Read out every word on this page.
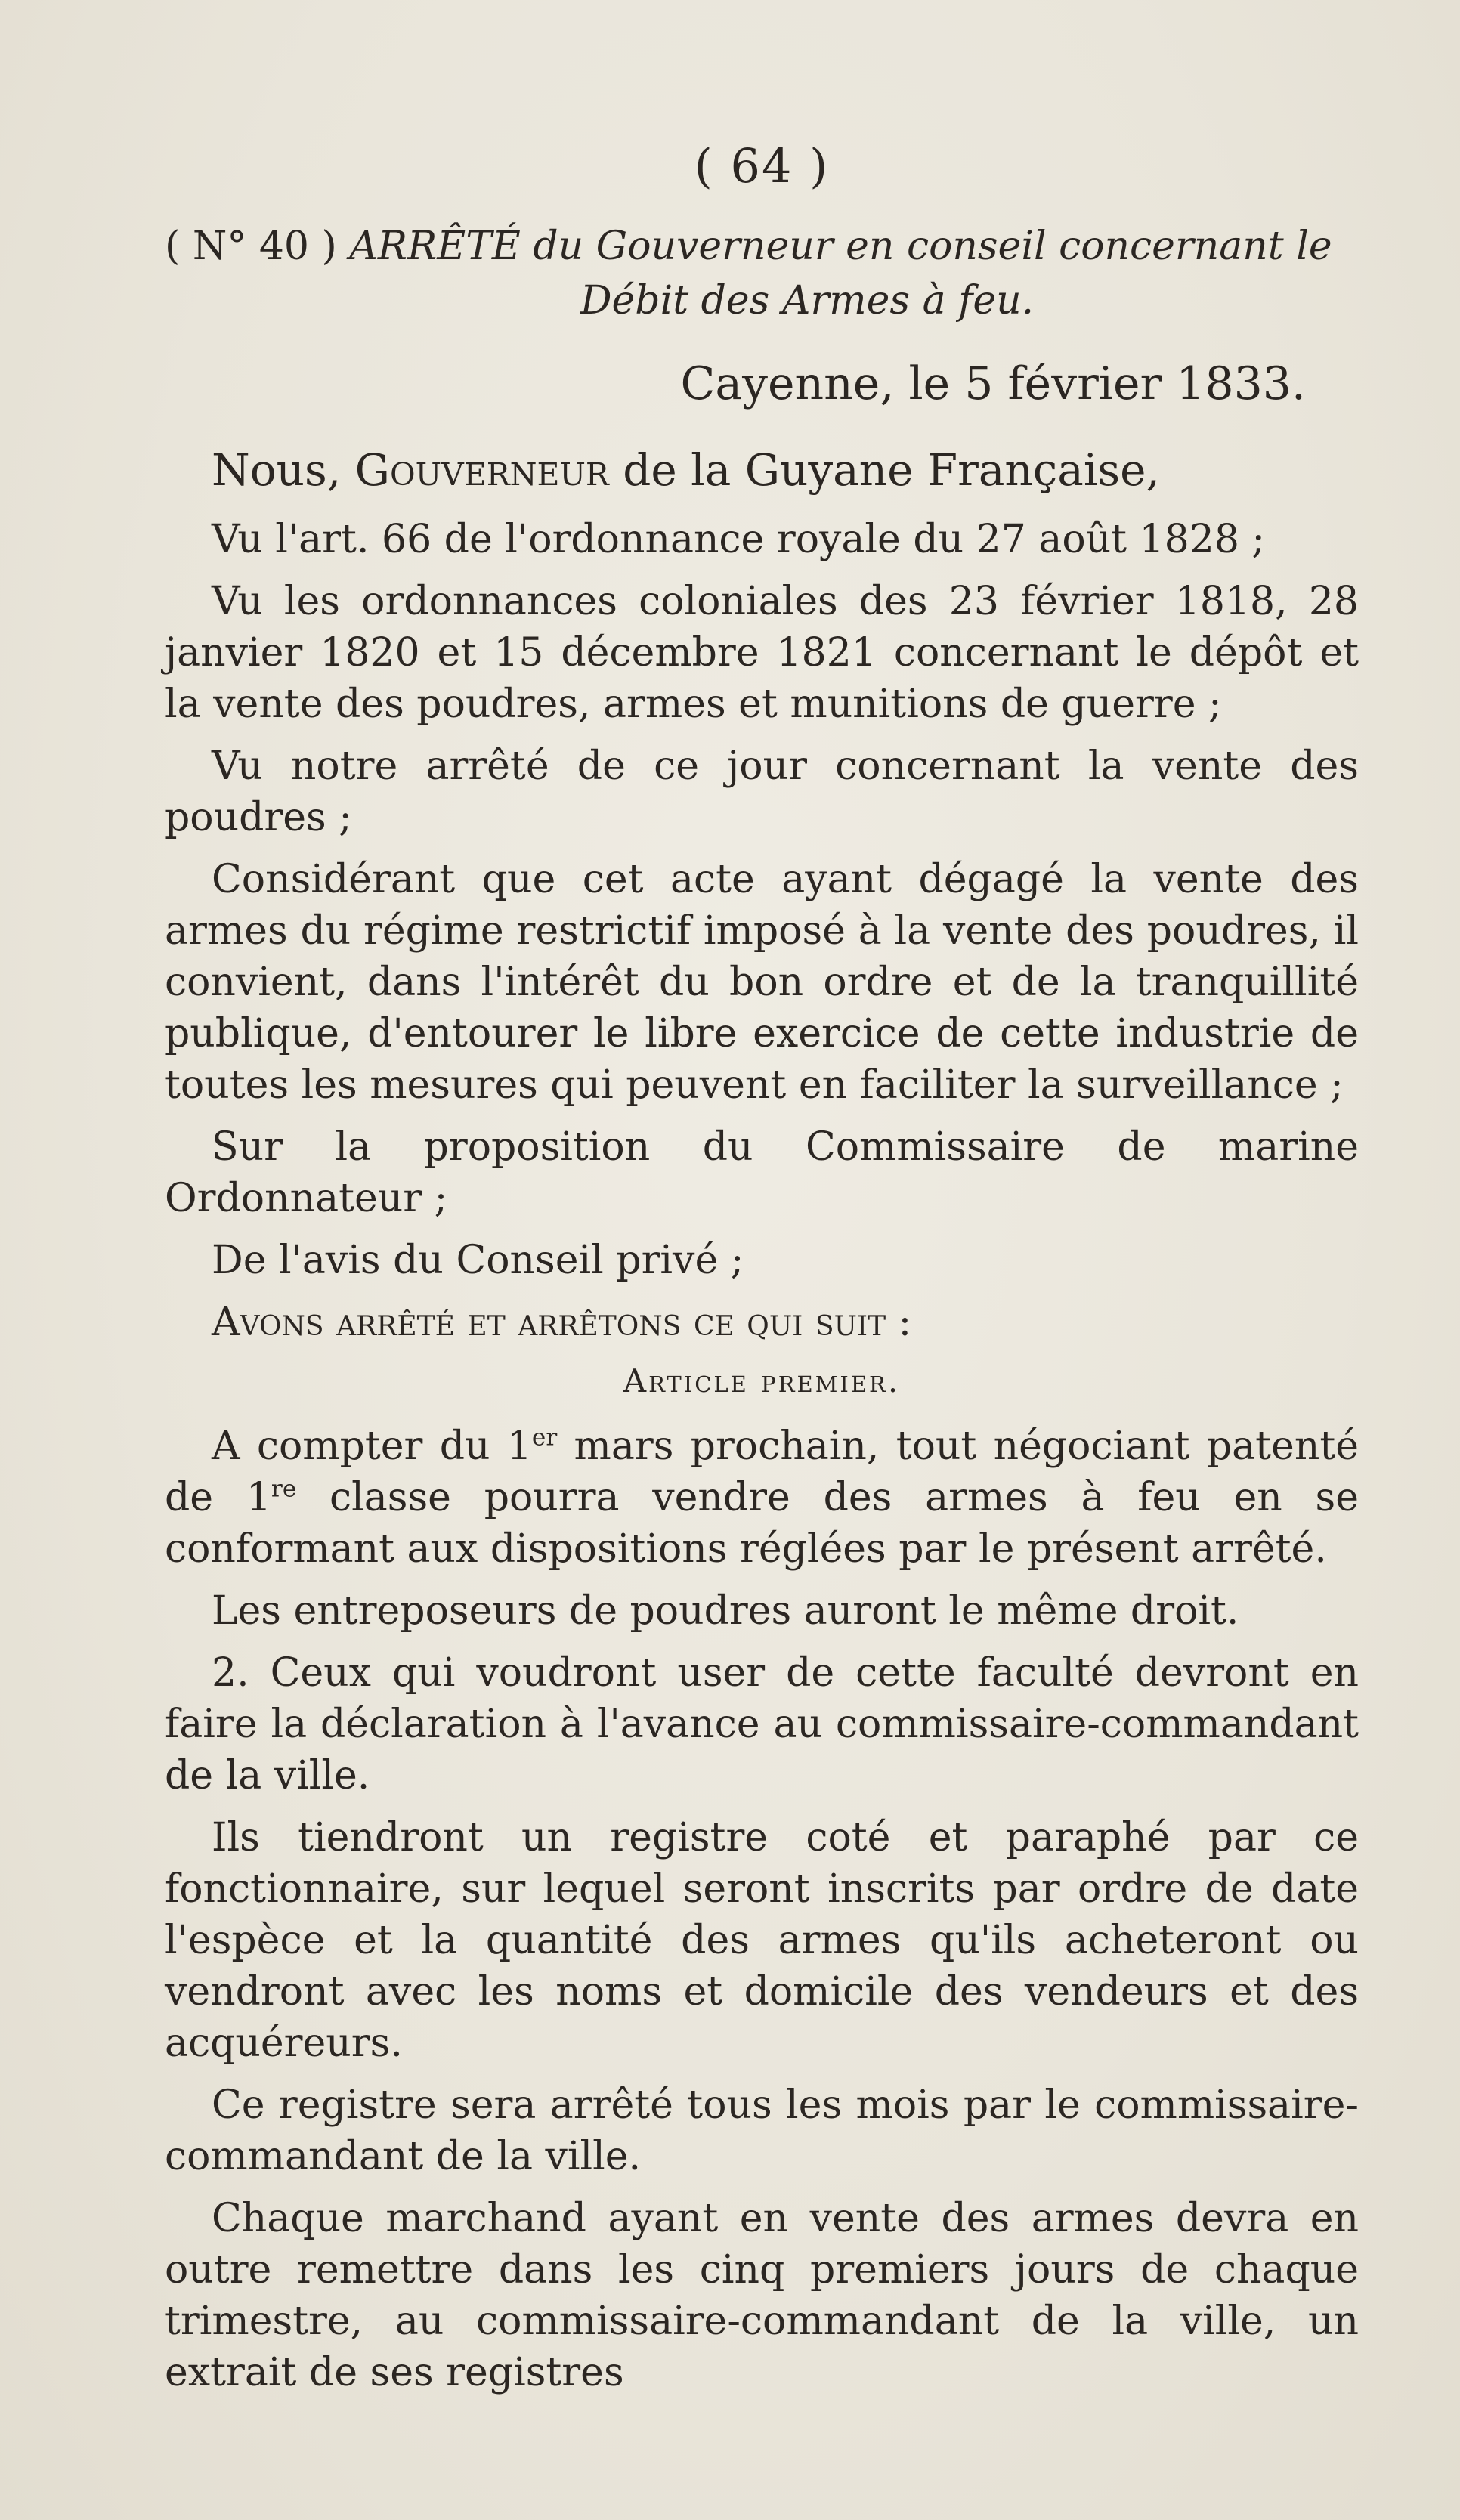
( 64 )
( N° 40 ) ARRÊTÉ du Gouverneur en conseil concernant le
Débit des Armes à feu.
Cayenne, le 5 février 1833.
Nous, Gouverneur de la Guyane Française,

Vu l'art. 66 de l'ordonnance royale du 27 août 1828 ;

Vu les ordonnances coloniales des 23 février 1818, 28 janvier 1820 et 15 décembre 1821 concernant le dépôt et la vente des poudres, armes et munitions de guerre ;

Vu notre arrêté de ce jour concernant la vente des poudres ;

Considérant que cet acte ayant dégagé la vente des armes du régime restrictif imposé à la vente des poudres, il convient, dans l'intérêt du bon ordre et de la tranquillité publique, d'entourer le libre exercice de cette industrie de toutes les mesures qui peuvent en faciliter la surveillance ;

Sur la proposition du Commissaire de marine Ordonnateur ;

De l'avis du Conseil privé ;

Avons arrêté et arrêtons ce qui suit :

Article premier.

A compter du 1er mars prochain, tout négociant patenté de 1re classe pourra vendre des armes à feu en se conformant aux dispositions réglées par le présent arrêté.

Les entreposeurs de poudres auront le même droit.

2. Ceux qui voudront user de cette faculté devront en faire la déclaration à l'avance au commissaire-commandant de la ville.

Ils tiendront un registre coté et paraphé par ce fonctionnaire, sur lequel seront inscrits par ordre de date l'espèce et la quantité des armes qu'ils acheteront ou vendront avec les noms et domicile des vendeurs et des acquéreurs.

Ce registre sera arrêté tous les mois par le commissaire-commandant de la ville.

Chaque marchand ayant en vente des armes devra en outre remettre dans les cinq premiers jours de chaque trimestre, au commissaire-commandant de la ville, un extrait de ses registres
